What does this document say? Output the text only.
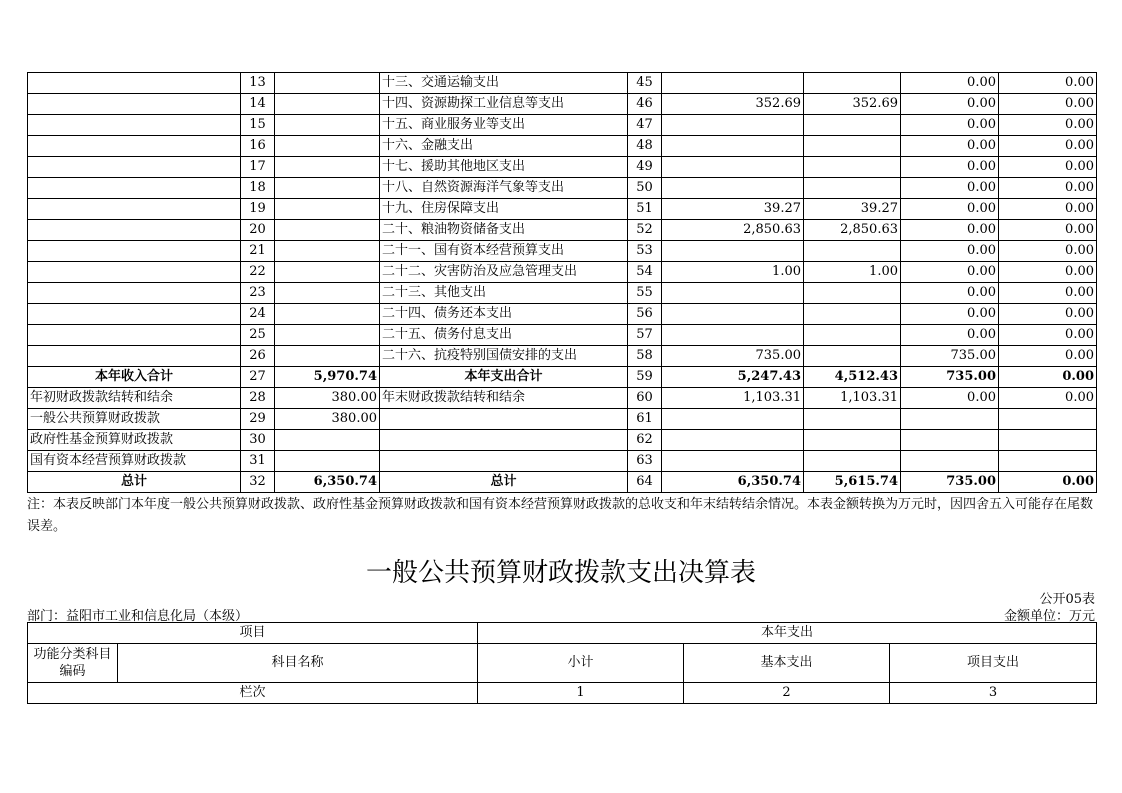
	13		十三、交通运输支出	45			0.00	0.00
	14		十四、资源勘探工业信息等支出	46	352.69	352.69	0.00	0.00
	15		十五、商业服务业等支出	47			0.00	0.00
	16		十六、金融支出	48			0.00	0.00
	17		十七、援助其他地区支出	49			0.00	0.00
	18		十八、自然资源海洋气象等支出	50			0.00	0.00
	19		十九、住房保障支出	51	39.27	39.27	0.00	0.00
	20		二十、粮油物资储备支出	52	2,850.63	2,850.63	0.00	0.00
	21		二十一、国有资本经营预算支出	53			0.00	0.00
	22		二十二、灾害防治及应急管理支出	54	1.00	1.00	0.00	0.00
	23		二十三、其他支出	55			0.00	0.00
	24		二十四、债务还本支出	56			0.00	0.00
	25		二十五、债务付息支出	57			0.00	0.00
	26		二十六、抗疫特别国债安排的支出	58	735.00		735.00	0.00
本年收入合计	27	5,970.74	本年支出合计	59	5,247.43	4,512.43	735.00	0.00
年初财政拨款结转和结余	28	380.00	年末财政拨款结转和结余	60	1,103.31	1,103.31	0.00	0.00
一般公共预算财政拨款	29	380.00		61				
政府性基金预算财政拨款	30			62				
国有资本经营预算财政拨款	31			63				
总计	32	6,350.74	总计	64	6,350.74	5,615.74	735.00	0.00
注：本表反映部门本年度一般公共预算财政拨款、政府性基金预算财政拨款和国有资本经营预算财政拨款的总收支和年末结转结余情况。本表金额转换为万元时，因四舍五入可能存在尾数误差。
一般公共预算财政拨款支出决算表
公开05表
部门：益阳市工业和信息化局（本级）	金额单位：万元
项目		本年支出		
功能分类科目编码	科目名称	小计	基本支出	项目支出
栏次		1	2	3
